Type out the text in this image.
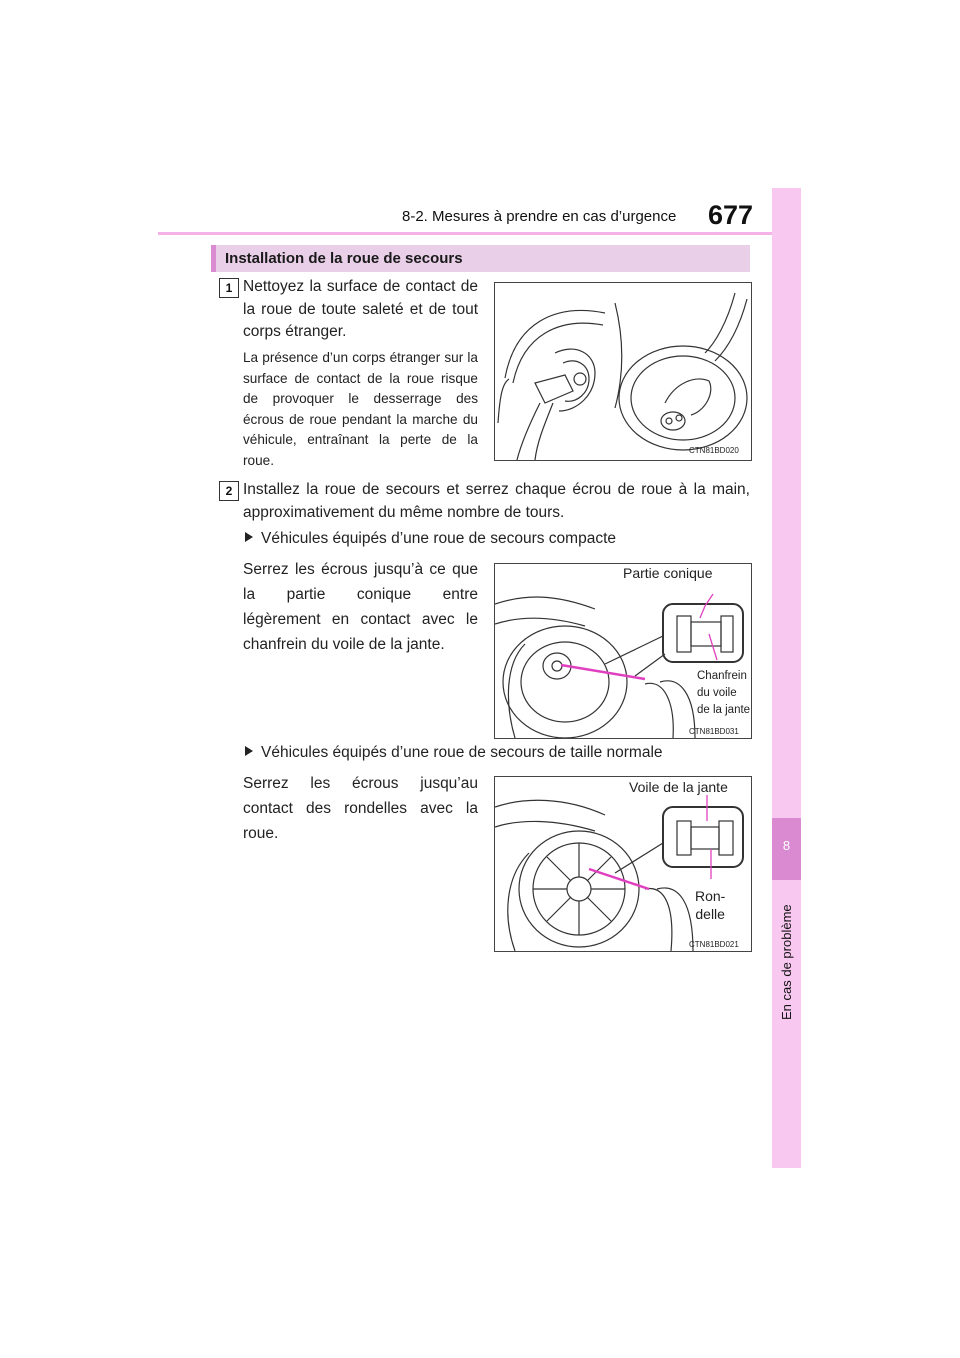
8-2. Mesures à prendre en cas d’urgence 677
8
En cas de problème
Installation de la roue de secours
1 Nettoyez la surface de contact de la roue de toute saleté et de tout corps étranger.
La présence d’un corps étranger sur la surface de contact de la roue risque de provoquer le desserrage des écrous de roue pendant la marche du véhicule, entraînant la perte de la roue.
CTN81BD020
2 Installez la roue de secours et serrez chaque écrou de roue à la main, approximativement du même nombre de tours.
Véhicules équipés d’une roue de secours compacte
Serrez les écrous jusqu’à ce que la partie conique entre légèrement en contact avec le chanfrein du voile de la jante.
CTN81BD031
Partie conique
Chanfrein
du voile
de la jante
Véhicules équipés d’une roue de secours de taille normale
Serrez les écrous jusqu’au contact des rondelles avec la roue.
CTN81BD021
Voile de la jante
Ron-
delle
